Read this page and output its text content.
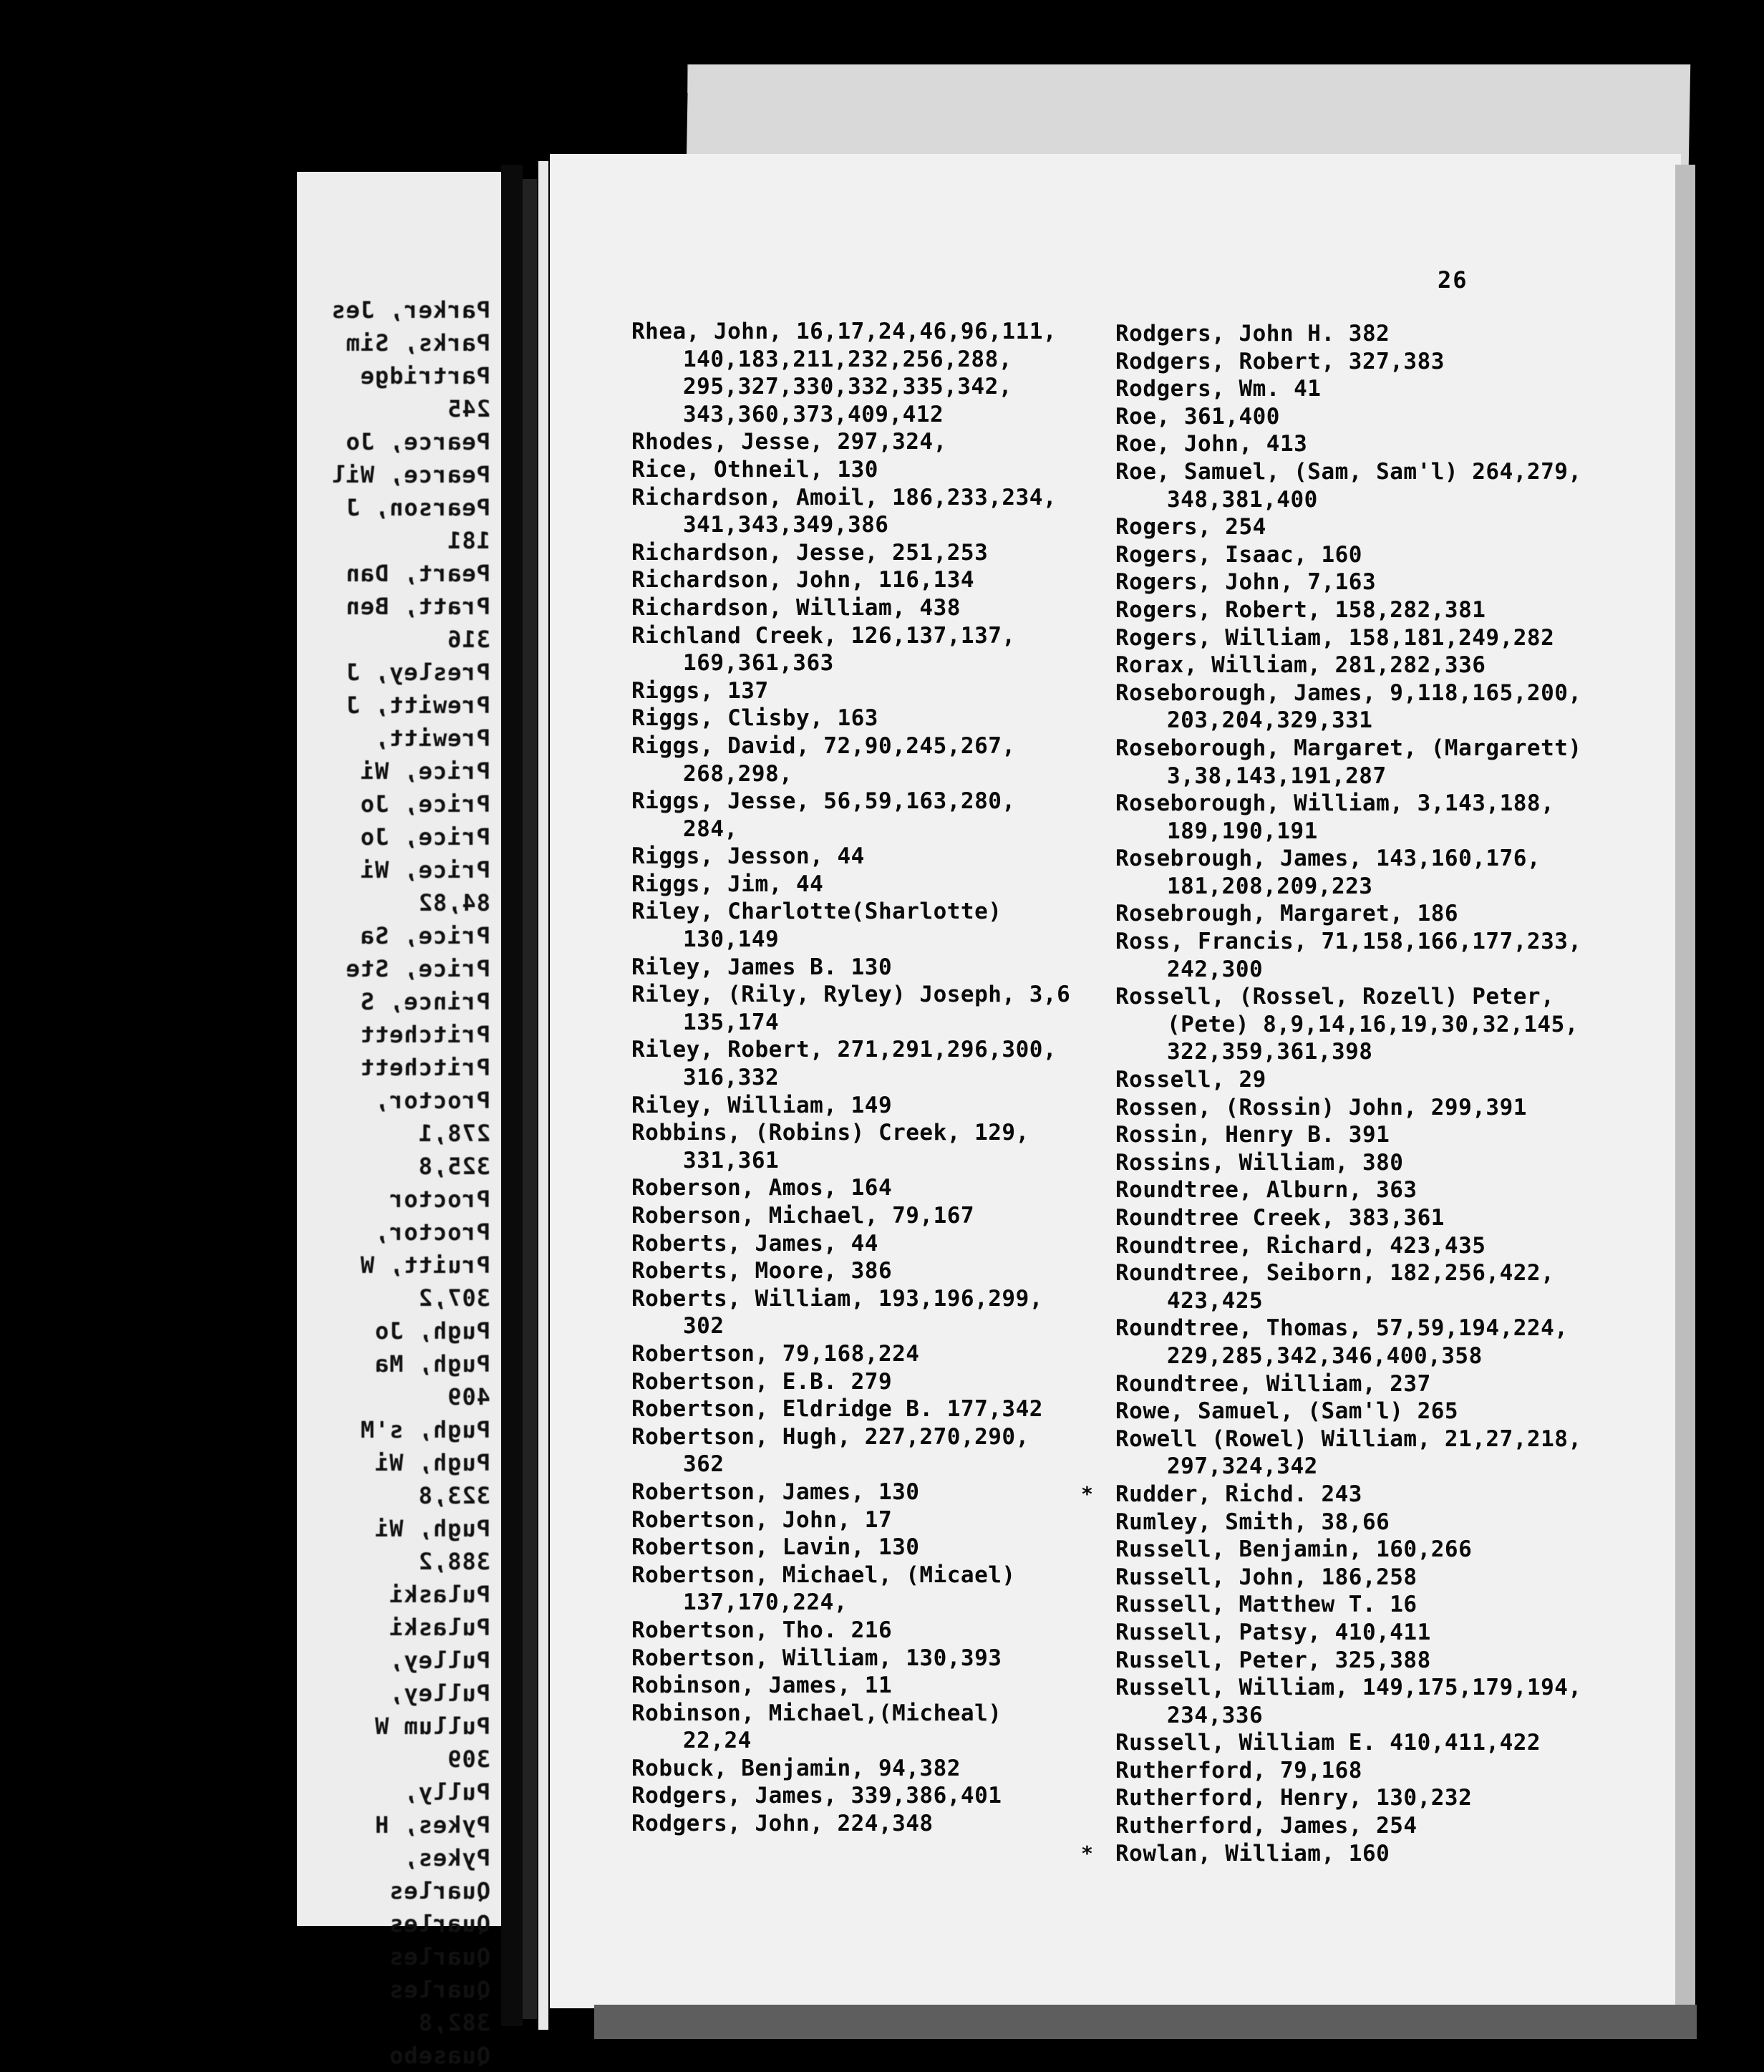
Parker, Jes
Parks, Sim
Partridge
245
Pearce, Jo
Pearce, Wil
Pearson, J
181
Peart, Dan
Pratt, Ben
316
Presley, J
Prewitt, J
Prewitt,
Price, Wi
Price, Jo
Price, Jo
Price, Wi
84,82
Price, Sa
Price, Ste
Prince, S
Pritchett
Pritchett
Proctor,
278,1
325,8
Proctor
Proctor,
Pruitt, W
307,2
Pugh, Jo
Pugh, Ma
409
Pugh, s'M
Pugh, Wi
323,8
Pugh, Wi
388,2
Pulaski
Pulaski
Pulley,
Pulley,
Pullum W
309
Pully,
Pykes, H
Pykes,
Quarles
Quarles
Quarles
Quarles
382,8
Quasebo
26
Rhea, John, 16,17,24,46,96,111,
140,183,211,232,256,288,
295,327,330,332,335,342,
343,360,373,409,412
Rhodes, Jesse, 297,324,
Rice, Othneil, 130
Richardson, Amoil, 186,233,234,
341,343,349,386
Richardson, Jesse, 251,253
Richardson, John, 116,134
Richardson, William, 438
Richland Creek, 126,137,137,
169,361,363
Riggs, 137
Riggs, Clisby, 163
Riggs, David, 72,90,245,267,
268,298,
Riggs, Jesse, 56,59,163,280,
284,
Riggs, Jesson, 44
Riggs, Jim, 44
Riley, Charlotte(Sharlotte)
130,149
Riley, James B. 130
Riley, (Rily, Ryley) Joseph, 3,6
135,174
Riley, Robert, 271,291,296,300,
316,332
Riley, William, 149
Robbins, (Robins) Creek, 129,
331,361
Roberson, Amos, 164
Roberson, Michael, 79,167
Roberts, James, 44
Roberts, Moore, 386
Roberts, William, 193,196,299,
302
Robertson, 79,168,224
Robertson, E.B. 279
Robertson, Eldridge B. 177,342
Robertson, Hugh, 227,270,290,
362
Robertson, James, 130
Robertson, John, 17
Robertson, Lavin, 130
Robertson, Michael, (Micael)
137,170,224,
Robertson, Tho. 216
Robertson, William, 130,393
Robinson, James, 11
Robinson, Michael,(Micheal)
22,24
Robuck, Benjamin, 94,382
Rodgers, James, 339,386,401
Rodgers, John, 224,348
Rodgers, John H. 382
Rodgers, Robert, 327,383
Rodgers, Wm. 41
Roe, 361,400
Roe, John, 413
Roe, Samuel, (Sam, Sam'l) 264,279,
348,381,400
Rogers, 254
Rogers, Isaac, 160
Rogers, John, 7,163
Rogers, Robert, 158,282,381
Rogers, William, 158,181,249,282
Rorax, William, 281,282,336
Roseborough, James, 9,118,165,200,
203,204,329,331
Roseborough, Margaret, (Margarett)
3,38,143,191,287
Roseborough, William, 3,143,188,
189,190,191
Rosebrough, James, 143,160,176,
181,208,209,223
Rosebrough, Margaret, 186
Ross, Francis, 71,158,166,177,233,
242,300
Rossell, (Rossel, Rozell) Peter,
(Pete) 8,9,14,16,19,30,32,145,
322,359,361,398
Rossell, 29
Rossen, (Rossin) John, 299,391
Rossin, Henry B. 391
Rossins, William, 380
Roundtree, Alburn, 363
Roundtree Creek, 383,361
Roundtree, Richard, 423,435
Roundtree, Seiborn, 182,256,422,
423,425
Roundtree, Thomas, 57,59,194,224,
229,285,342,346,400,358
Roundtree, William, 237
Rowe, Samuel, (Sam'l) 265
Rowell (Rowel) William, 21,27,218,
297,324,342
* Rudder, Richd. 243
Rumley, Smith, 38,66
Russell, Benjamin, 160,266
Russell, John, 186,258
Russell, Matthew T. 16
Russell, Patsy, 410,411
Russell, Peter, 325,388
Russell, William, 149,175,179,194,
234,336
Russell, William E. 410,411,422
Rutherford, 79,168
Rutherford, Henry, 130,232
Rutherford, James, 254
* Rowlan, William, 160
